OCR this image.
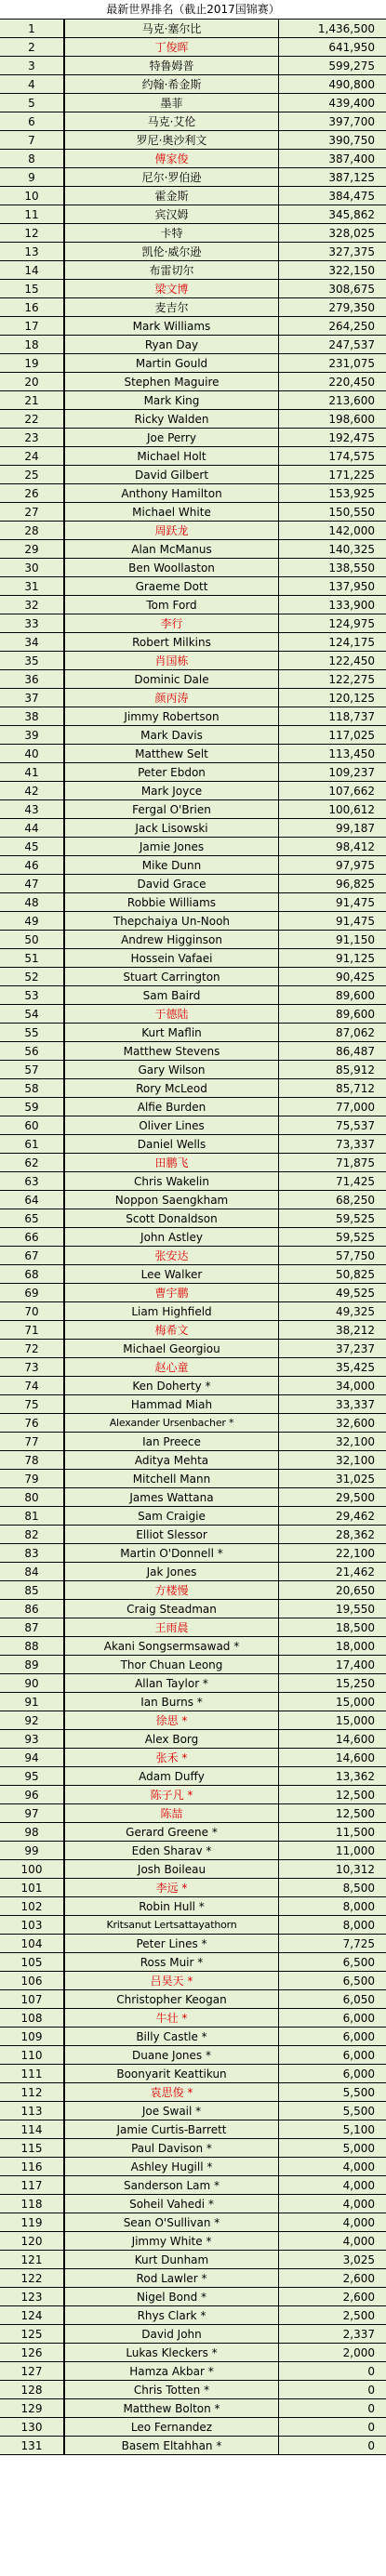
最新世界排名（截止2017国锦赛）
1	马克·塞尔比	1,436,500
2	丁俊晖	641,950
3	特鲁姆普	599,275
4	约翰·希金斯	490,800
5	墨菲	439,400
6	马克·艾伦	397,700
7	罗尼·奥沙利文	390,750
8	傅家俊	387,400
9	尼尔·罗伯逊	387,125
10	霍金斯	384,475
11	宾汉姆	345,862
12	卡特	328,025
13	凯伦·威尔逊	327,375
14	布雷切尔	322,150
15	梁文博	308,675
16	麦吉尔	279,350
17	Mark Williams	264,250
18	Ryan Day	247,537
19	Martin Gould	231,075
20	Stephen Maguire	220,450
21	Mark King	213,600
22	Ricky Walden	198,600
23	Joe Perry	192,475
24	Michael Holt	174,575
25	David Gilbert	171,225
26	Anthony Hamilton	153,925
27	Michael White	150,550
28	周跃龙	142,000
29	Alan McManus	140,325
30	Ben Woollaston	138,550
31	Graeme Dott	137,950
32	Tom Ford	133,900
33	李行	124,975
34	Robert Milkins	124,175
35	肖国栋	122,450
36	Dominic Dale	122,275
37	颜丙涛	120,125
38	Jimmy Robertson	118,737
39	Mark Davis	117,025
40	Matthew Selt	113,450
41	Peter Ebdon	109,237
42	Mark Joyce	107,662
43	Fergal O'Brien	100,612
44	Jack Lisowski	99,187
45	Jamie Jones	98,412
46	Mike Dunn	97,975
47	David Grace	96,825
48	Robbie Williams	91,475
49	Thepchaiya Un-Nooh	91,475
50	Andrew Higginson	91,150
51	Hossein Vafaei	91,125
52	Stuart Carrington	90,425
53	Sam Baird	89,600
54	于德陆	89,600
55	Kurt Maflin	87,062
56	Matthew Stevens	86,487
57	Gary Wilson	85,912
58	Rory McLeod	85,712
59	Alfie Burden	77,000
60	Oliver Lines	75,537
61	Daniel Wells	73,337
62	田鹏飞	71,875
63	Chris Wakelin	71,425
64	Noppon Saengkham	68,250
65	Scott Donaldson	59,525
66	John Astley	59,525
67	张安达	57,750
68	Lee Walker	50,825
69	曹宇鹏	49,525
70	Liam Highfield	49,325
71	梅希文	38,212
72	Michael Georgiou	37,237
73	赵心童	35,425
74	Ken Doherty *	34,000
75	Hammad Miah	33,337
76	Alexander Ursenbacher *	32,600
77	Ian Preece	32,100
78	Aditya Mehta	32,100
79	Mitchell Mann	31,025
80	James Wattana	29,500
81	Sam Craigie	29,462
82	Elliot Slessor	28,362
83	Martin O'Donnell *	22,100
84	Jak Jones	21,462
85	方楼慢	20,650
86	Craig Steadman	19,550
87	王雨晨	18,500
88	Akani Songsermsawad *	18,000
89	Thor Chuan Leong	17,400
90	Allan Taylor *	15,250
91	Ian Burns *	15,000
92	徐思 *	15,000
93	Alex Borg	14,600
94	张禾 *	14,600
95	Adam Duffy	13,362
96	陈子凡 *	12,500
97	陈喆	12,500
98	Gerard Greene *	11,500
99	Eden Sharav *	11,000
100	Josh Boileau	10,312
101	李远 *	8,500
102	Robin Hull *	8,000
103	Kritsanut Lertsattayathorn	8,000
104	Peter Lines *	7,725
105	Ross Muir *	6,500
106	吕昊天 *	6,500
107	Christopher Keogan	6,050
108	牛壮 *	6,000
109	Billy Castle *	6,000
110	Duane Jones *	6,000
111	Boonyarit Keattikun	6,000
112	袁思俊 *	5,500
113	Joe Swail *	5,500
114	Jamie Curtis-Barrett	5,100
115	Paul Davison *	5,000
116	Ashley Hugill *	4,000
117	Sanderson Lam *	4,000
118	Soheil Vahedi *	4,000
119	Sean O'Sullivan *	4,000
120	Jimmy White *	4,000
121	Kurt Dunham	3,025
122	Rod Lawler *	2,600
123	Nigel Bond *	2,600
124	Rhys Clark *	2,500
125	David John	2,337
126	Lukas Kleckers *	2,000
127	Hamza Akbar *	0
128	Chris Totten *	0
129	Matthew Bolton *	0
130	Leo Fernandez	0
131	Basem Eltahhan *	0
